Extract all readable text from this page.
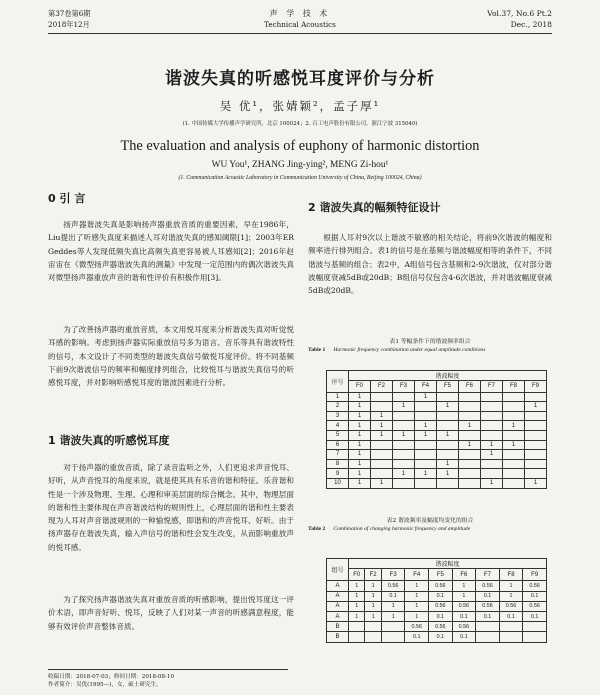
第37卷第6期
2018年12月
声 学 技 术
Technical Acoustics
Vol.37, No.6 Pt.2
Dec., 2018
谐波失真的听感悦耳度评价与分析
吴 优¹，张婧颖²，孟子厚¹
(1. 中国传媒大学传播声学研究所，北京 100024；2. 百工电声股份有限公司，浙江宁波 315040)
The evaluation and analysis of euphony of harmonic distortion
WU You¹, ZHANG Jing-ying², MENG Zi-hou¹
(1. Communication Acoustic Laboratory in Communication University of China, Beijing 100024, China)
0 引 言
扬声器谐波失真是影响扬声器重放音质的重要因素，早在1986年，Liu提出了听感失真度来描述人耳对谐波失真的感知阈限[1]；2003年ER Geddes等人发现低频失真比高频失真更容易被人耳感知[2]；2016年赵宙宙在《微型扬声器谐波失真的测量》中发现一定范围内的偶次谐波失真对微型扬声器重放声音的谐和性评价有积极作用[3]。
为了改善扬声器的重放音质，本文用悦耳度来分析谐波失真对听觉悦耳感的影响。考虑到扬声器实际重放信号多为语言、音乐等具有谐波特性的信号，本文设计了不同类型的谐波失真信号做悦耳度评价。将不同基频下前9次谐波信号的频率和幅度排列组合，比较悦耳与谐波失真信号的听感悦耳度，并对影响听感悦耳度的谐波因素进行分析。
1 谐波失真的听感悦耳度
对于扬声器的重放音质，除了录音监听之外，人们更追求声音悦耳、好听，从声音悦耳的角度来说，就是使其具有乐音的谐和特征。乐音谐和性是一个涉及物理、生理、心理和审美层面的综合概念。其中，物理层面的谐和性主要体现在声音谐波结构的规则性上，心理层面的谐和性主要表现为人耳对声音谐波规则的一种愉悦感，即谐和的声音悦耳、好听。由于扬声器存在谐波失真，输入声信号的谐和性会发生改变，从而影响重放声的悦耳感。
为了探究扬声器谐波失真对重放音质的听感影响，提出悦耳度这一评价术语，即声音好听、悦耳，反映了人们对某一声音的听感满意程度，能够有效评价声音整体音质。
收稿日期：2018-07-03；修回日期：2018-08-10
作者简介：吴优(1995—)，女，硕士研究生。
2 谐波失真的幅频特征设计
根据人耳对9次以上谐波不敏感的相关结论，将前9次谐波的幅度和频率进行排列组合。表1的信号是在基频与谐波幅度相等的条件下，不同谐波与基频的组合；表2中，A组信号包含基频和2-9次谐波，仅对部分谐波幅度衰减5dB或20dB；B组信号仅包含4-6次谐波，并对谐波幅度衰减5dB或20dB。
表1 等幅条件下的谐波频率组合
Table 1 Harmonic frequency combination under equal amplitude conditions
序号	谐波幅度								
	F0	F2	F3	F4	F5	F6	F7	F8	F9
1	1			1					
2	1		1		1				1
3	1	1							
4	1	1		1		1		1	
5	1	1	1	1	1				
6	1					1	1	1	
7	1						1		
8	1				1				
9	1		1	1	1				
10	1	1					1		1
表2 谐波频率及幅度均变化的组合
Table 2 Combination of changing harmonic frequency and amplitude
组号	谐波幅度								
	F0	F2	F3	F4	F5	F6	F7	F8	F9
A	1	1	0.56	1	0.56	1	0.56	1	0.56
A	1	1	0.1	1	0.1	1	0.1	1	0.1
A	1	1	1	1	0.56	0.56	0.56	0.56	0.56
A	1	1	1	1	0.1	0.1	0.1	0.1	0.1
B				0.56	0.56	0.56			
B				0.1	0.1	0.1			
